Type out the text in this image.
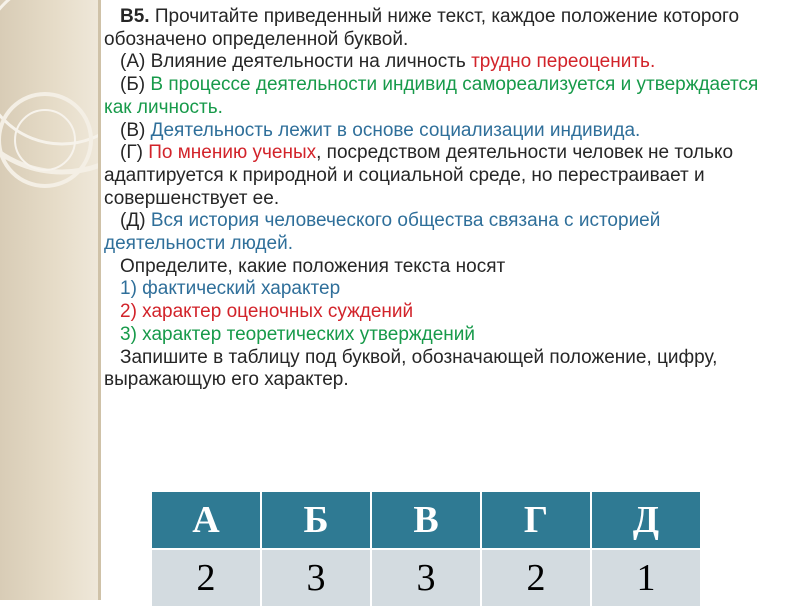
В5. Прочитайте приведенный ниже текст, каждое положение которого обозначено определенной буквой.

(А) Влияние деятельности на личность трудно переоценить.

(Б) В процессе деятельности индивид самореализуется и утверждается как личность.

(В) Деятельность лежит в основе социализации индивида.

(Г) По мнению ученых, посредством деятельности человек не только адаптируется к природной и социальной среде, но перестраивает и совершенствует ее.

(Д) Вся история человеческого общества связана с историей деятельности людей.

Определите, какие положения текста носят

1) фактический характер

2) характер оценочных суждений

3) характер теоретических утверждений

Запишите в таблицу под буквой, обозначающей положение, цифру, выражающую его характер.

А	Б	В	Г	Д
2	3	3	2	1
